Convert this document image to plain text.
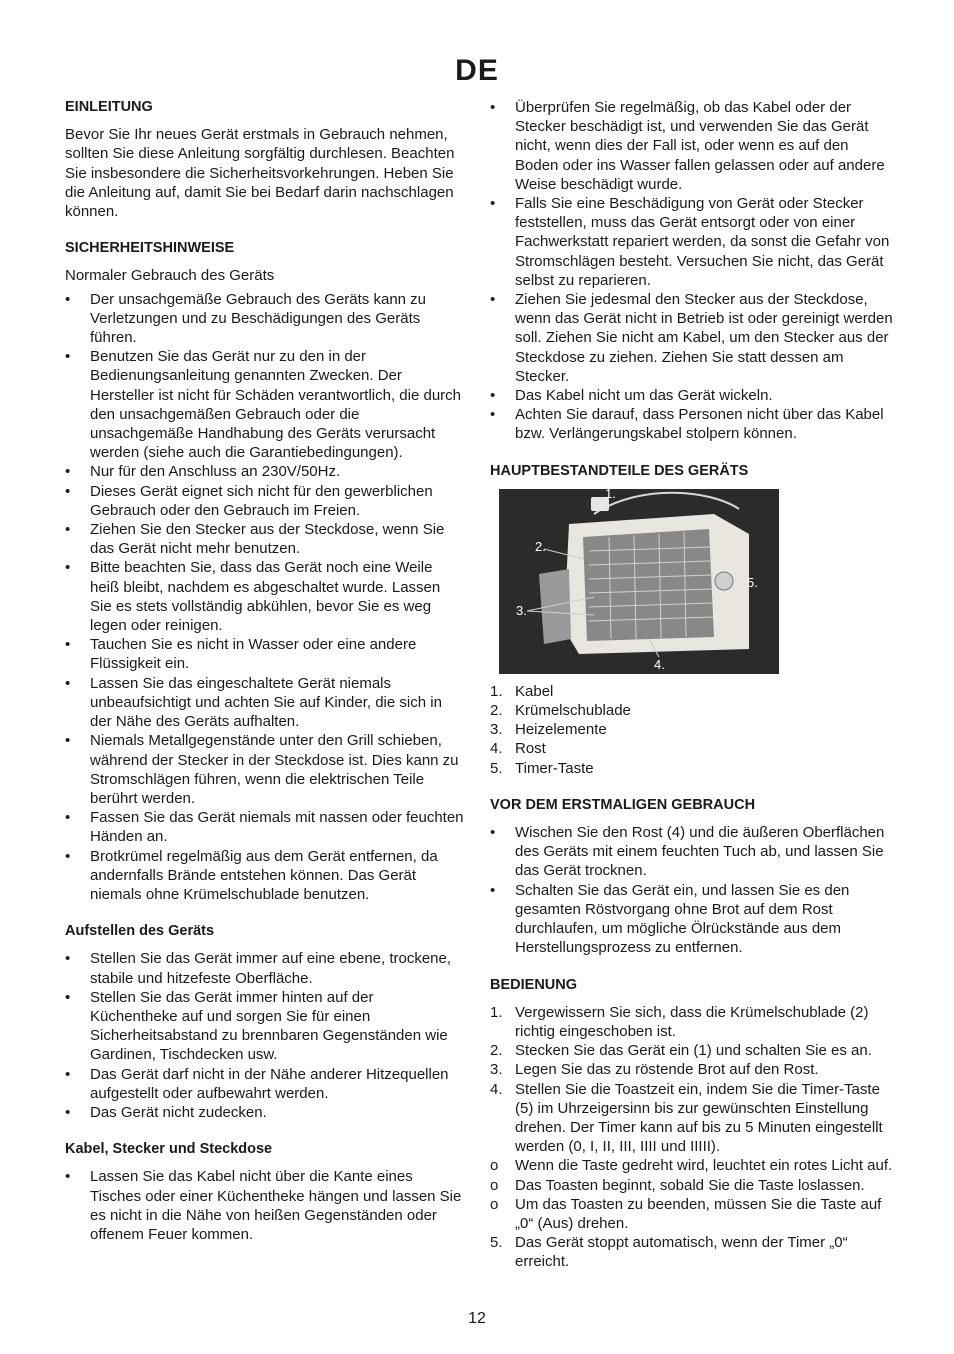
DE
EINLEITUNG

Bevor Sie Ihr neues Gerät erstmals in Gebrauch nehmen, sollten Sie diese Anleitung sorgfältig durchlesen. Beachten Sie insbesondere die Sicherheitsvorkehrungen. Heben Sie die Anleitung auf, damit Sie bei Bedarf darin nachschlagen können.

SICHERHEITSHINWEISE
Normaler Gebrauch des Geräts
• Der unsachgemäße Gebrauch des Geräts kann zu Verletzungen und zu Beschädigungen des Geräts führen.
• Benutzen Sie das Gerät nur zu den in der Bedienungsanleitung genannten Zwecken. Der Hersteller ist nicht für Schäden verantwortlich, die durch den unsachgemäßen Gebrauch oder die unsachgemäße Handhabung des Geräts verursacht werden (siehe auch die Garantiebedingungen).
• Nur für den Anschluss an 230V/50Hz.
• Dieses Gerät eignet sich nicht für den gewerblichen Gebrauch oder den Gebrauch im Freien.
• Ziehen Sie den Stecker aus der Steckdose, wenn Sie das Gerät nicht mehr benutzen.
• Bitte beachten Sie, dass das Gerät noch eine Weile heiß bleibt, nachdem es abgeschaltet wurde. Lassen Sie es stets vollständig abkühlen, bevor Sie es weg legen oder reinigen.
• Tauchen Sie es nicht in Wasser oder eine andere Flüssigkeit ein.
• Lassen Sie das eingeschaltete Gerät niemals unbeaufsichtigt und achten Sie auf Kinder, die sich in der Nähe des Geräts aufhalten.
• Niemals Metallgegenstände unter den Grill schieben, während der Stecker in der Steckdose ist. Dies kann zu Stromschlägen führen, wenn die elektrischen Teile berührt werden.
• Fassen Sie das Gerät niemals mit nassen oder feuchten Händen an.
• Brotkrümel regelmäßig aus dem Gerät entfernen, da andernfalls Brände entstehen können. Das Gerät niemals ohne Krümelschublade benutzen.
Aufstellen des Geräts
• Stellen Sie das Gerät immer auf eine ebene, trockene, stabile und hitzefeste Oberfläche.
• Stellen Sie das Gerät immer hinten auf der Küchentheke auf und sorgen Sie für einen Sicherheitsabstand zu brennbaren Gegenständen wie Gardinen, Tischdecken usw.
• Das Gerät darf nicht in der Nähe anderer Hitzequellen aufgestellt oder aufbewahrt werden.
• Das Gerät nicht zudecken.
Kabel, Stecker und Steckdose
• Lassen Sie das Kabel nicht über die Kante eines Tisches oder einer Küchentheke hängen und lassen Sie es nicht in die Nähe von heißen Gegenständen oder offenem Feuer kommen.
• Überprüfen Sie regelmäßig, ob das Kabel oder der Stecker beschädigt ist, und verwenden Sie das Gerät nicht, wenn dies der Fall ist, oder wenn es auf den Boden oder ins Wasser fallen gelassen oder auf andere Weise beschädigt wurde.
• Falls Sie eine Beschädigung von Gerät oder Stecker feststellen, muss das Gerät entsorgt oder von einer Fachwerkstatt repariert werden, da sonst die Gefahr von Stromschlägen besteht. Versuchen Sie nicht, das Gerät selbst zu reparieren.
• Ziehen Sie jedesmal den Stecker aus der Steckdose, wenn das Gerät nicht in Betrieb ist oder gereinigt werden soll. Ziehen Sie nicht am Kabel, um den Stecker aus der Steckdose zu ziehen. Ziehen Sie statt dessen am Stecker.
• Das Kabel nicht um das Gerät wickeln.
• Achten Sie darauf, dass Personen nicht über das Kabel bzw. Verlängerungskabel stolpern können.
HAUPTBESTANDTEILE DES GERÄTS
1.
2.
3.
4.
5.
1. Kabel
2. Krümelschublade
3. Heizelemente
4. Rost
5. Timer-Taste
VOR DEM ERSTMALIGEN GEBRAUCH
• Wischen Sie den Rost (4) und die äußeren Oberflächen des Geräts mit einem feuchten Tuch ab, und lassen Sie das Gerät trocknen.
• Schalten Sie das Gerät ein, und lassen Sie es den gesamten Röstvorgang ohne Brot auf dem Rost durchlaufen, um mögliche Ölrückstände aus dem Herstellungsprozess zu entfernen.
BEDIENUNG
1. Vergewissern Sie sich, dass die Krümelschublade (2) richtig eingeschoben ist.
2. Stecken Sie das Gerät ein (1) und schalten Sie es an.
3. Legen Sie das zu röstende Brot auf den Rost.
4. Stellen Sie die Toastzeit ein, indem Sie die Timer-Taste (5) im Uhrzeigersinn bis zur gewünschten Einstellung drehen. Der Timer kann auf bis zu 5 Minuten eingestellt werden (0, I, II, III, IIII und IIIII).
o Wenn die Taste gedreht wird, leuchtet ein rotes Licht auf.
o Das Toasten beginnt, sobald Sie die Taste loslassen.
o Um das Toasten zu beenden, müssen Sie die Taste auf „0“ (Aus) drehen.
5. Das Gerät stoppt automatisch, wenn der Timer „0“ erreicht.
12
